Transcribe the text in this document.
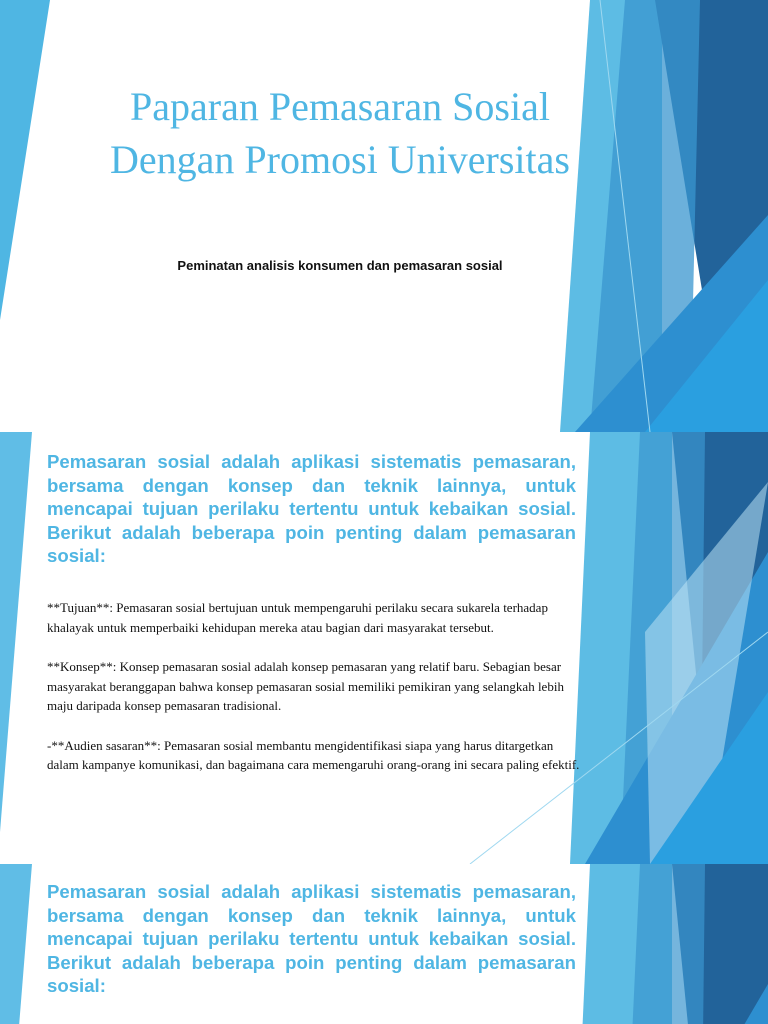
Paparan Pemasaran Sosial Dengan Promosi Universitas

Peminatan analisis konsumen dan pemasaran sosial

Pemasaran sosial adalah aplikasi sistematis pemasaran, bersama dengan konsep dan teknik lainnya, untuk mencapai tujuan perilaku tertentu untuk kebaikan sosial. Berikut adalah beberapa poin penting dalam pemasaran sosial:

**Tujuan**: Pemasaran sosial bertujuan untuk mempengaruhi perilaku secara sukarela terhadap khalayak untuk memperbaiki kehidupan mereka atau bagian dari masyarakat tersebut.

**Konsep**: Konsep pemasaran sosial adalah konsep pemasaran yang relatif baru. Sebagian besar masyarakat beranggapan bahwa konsep pemasaran sosial memiliki pemikiran yang selangkah lebih maju daripada konsep pemasaran tradisional.

-**Audien sasaran**: Pemasaran sosial membantu mengidentifikasi siapa yang harus ditargetkan dalam kampanye komunikasi, dan bagaimana cara memengaruhi orang-orang ini secara paling efektif.

Pemasaran sosial adalah aplikasi sistematis pemasaran, bersama dengan konsep dan teknik lainnya, untuk mencapai tujuan perilaku tertentu untuk kebaikan sosial. Berikut adalah beberapa poin penting dalam pemasaran sosial:
